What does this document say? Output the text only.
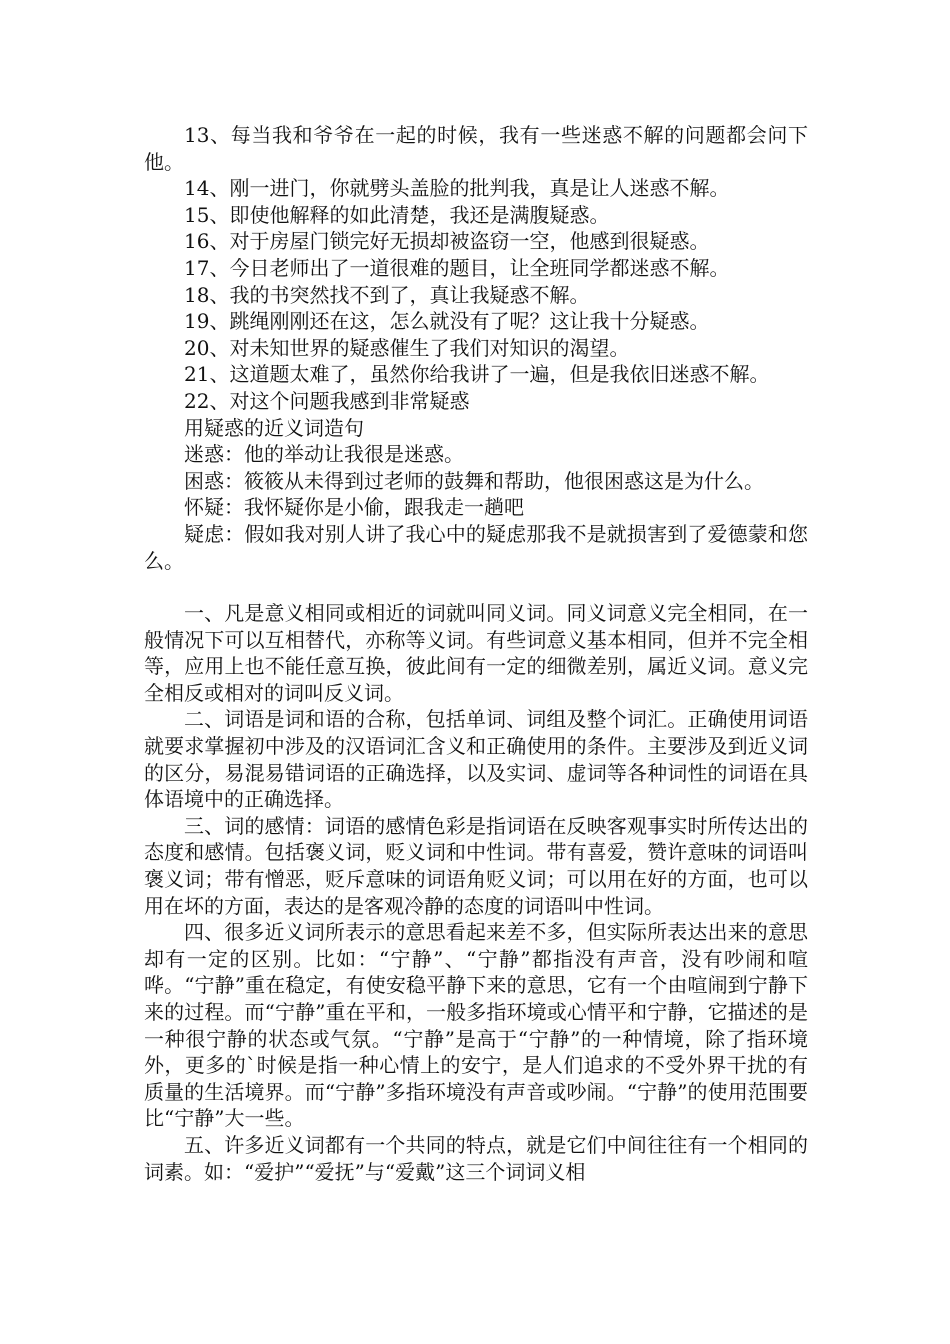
13、每当我和爷爷在一起的时候，我有一些迷惑不解的问题都会问下他。

14、刚一进门，你就劈头盖脸的批判我，真是让人迷惑不解。

15、即使他解释的如此清楚，我还是满腹疑惑。

16、对于房屋门锁完好无损却被盗窃一空，他感到很疑惑。

17、今日老师出了一道很难的题目，让全班同学都迷惑不解。

18、我的书突然找不到了，真让我疑惑不解。

19、跳绳刚刚还在这，怎么就没有了呢？这让我十分疑惑。

20、对未知世界的疑惑催生了我们对知识的渴望。

21、这道题太难了，虽然你给我讲了一遍，但是我依旧迷惑不解。

22、对这个问题我感到非常疑惑

用疑惑的近义词造句

迷惑：他的举动让我很是迷惑。

困惑：筱筱从未得到过老师的鼓舞和帮助，他很困惑这是为什么。

怀疑：我怀疑你是小偷，跟我走一趟吧

疑虑：假如我对别人讲了我心中的疑虑那我不是就损害到了爱德蒙和您么。

一、凡是意义相同或相近的词就叫同义词。同义词意义完全相同，在一般情况下可以互相替代，亦称等义词。有些词意义基本相同，但并不完全相等，应用上也不能任意互换，彼此间有一定的细微差别，属近义词。意义完全相反或相对的词叫反义词。

二、词语是词和语的合称，包括单词、词组及整个词汇。正确使用词语就要求掌握初中涉及的汉语词汇含义和正确使用的条件。主要涉及到近义词的区分，易混易错词语的正确选择，以及实词、虚词等各种词性的词语在具体语境中的正确选择。

三、词的感情：词语的感情色彩是指词语在反映客观事实时所传达出的态度和感情。包括褒义词，贬义词和中性词。带有喜爱，赞许意味的词语叫褒义词；带有憎恶，贬斥意味的词语角贬义词；可以用在好的方面，也可以用在坏的方面，表达的是客观冷静的态度的词语叫中性词。

四、很多近义词所表示的意思看起来差不多，但实际所表达出来的意思却有一定的区别。比如：“宁静”、“宁静”都指没有声音，没有吵闹和喧哗。“宁静”重在稳定，有使安稳平静下来的意思，它有一个由喧闹到宁静下来的过程。而“宁静”重在平和，一般多指环境或心情平和宁静，它描述的是一种很宁静的状态或气氛。“宁静”是高于“宁静”的一种情境，除了指环境外，更多的`时候是指一种心情上的安宁，是人们追求的不受外界干扰的有质量的生活境界。而“宁静”多指环境没有声音或吵闹。“宁静”的使用范围要比“宁静”大一些。

五、许多近义词都有一个共同的特点，就是它们中间往往有一个相同的词素。如：“爱护”“爱抚”与“爱戴”这三个词词义相
